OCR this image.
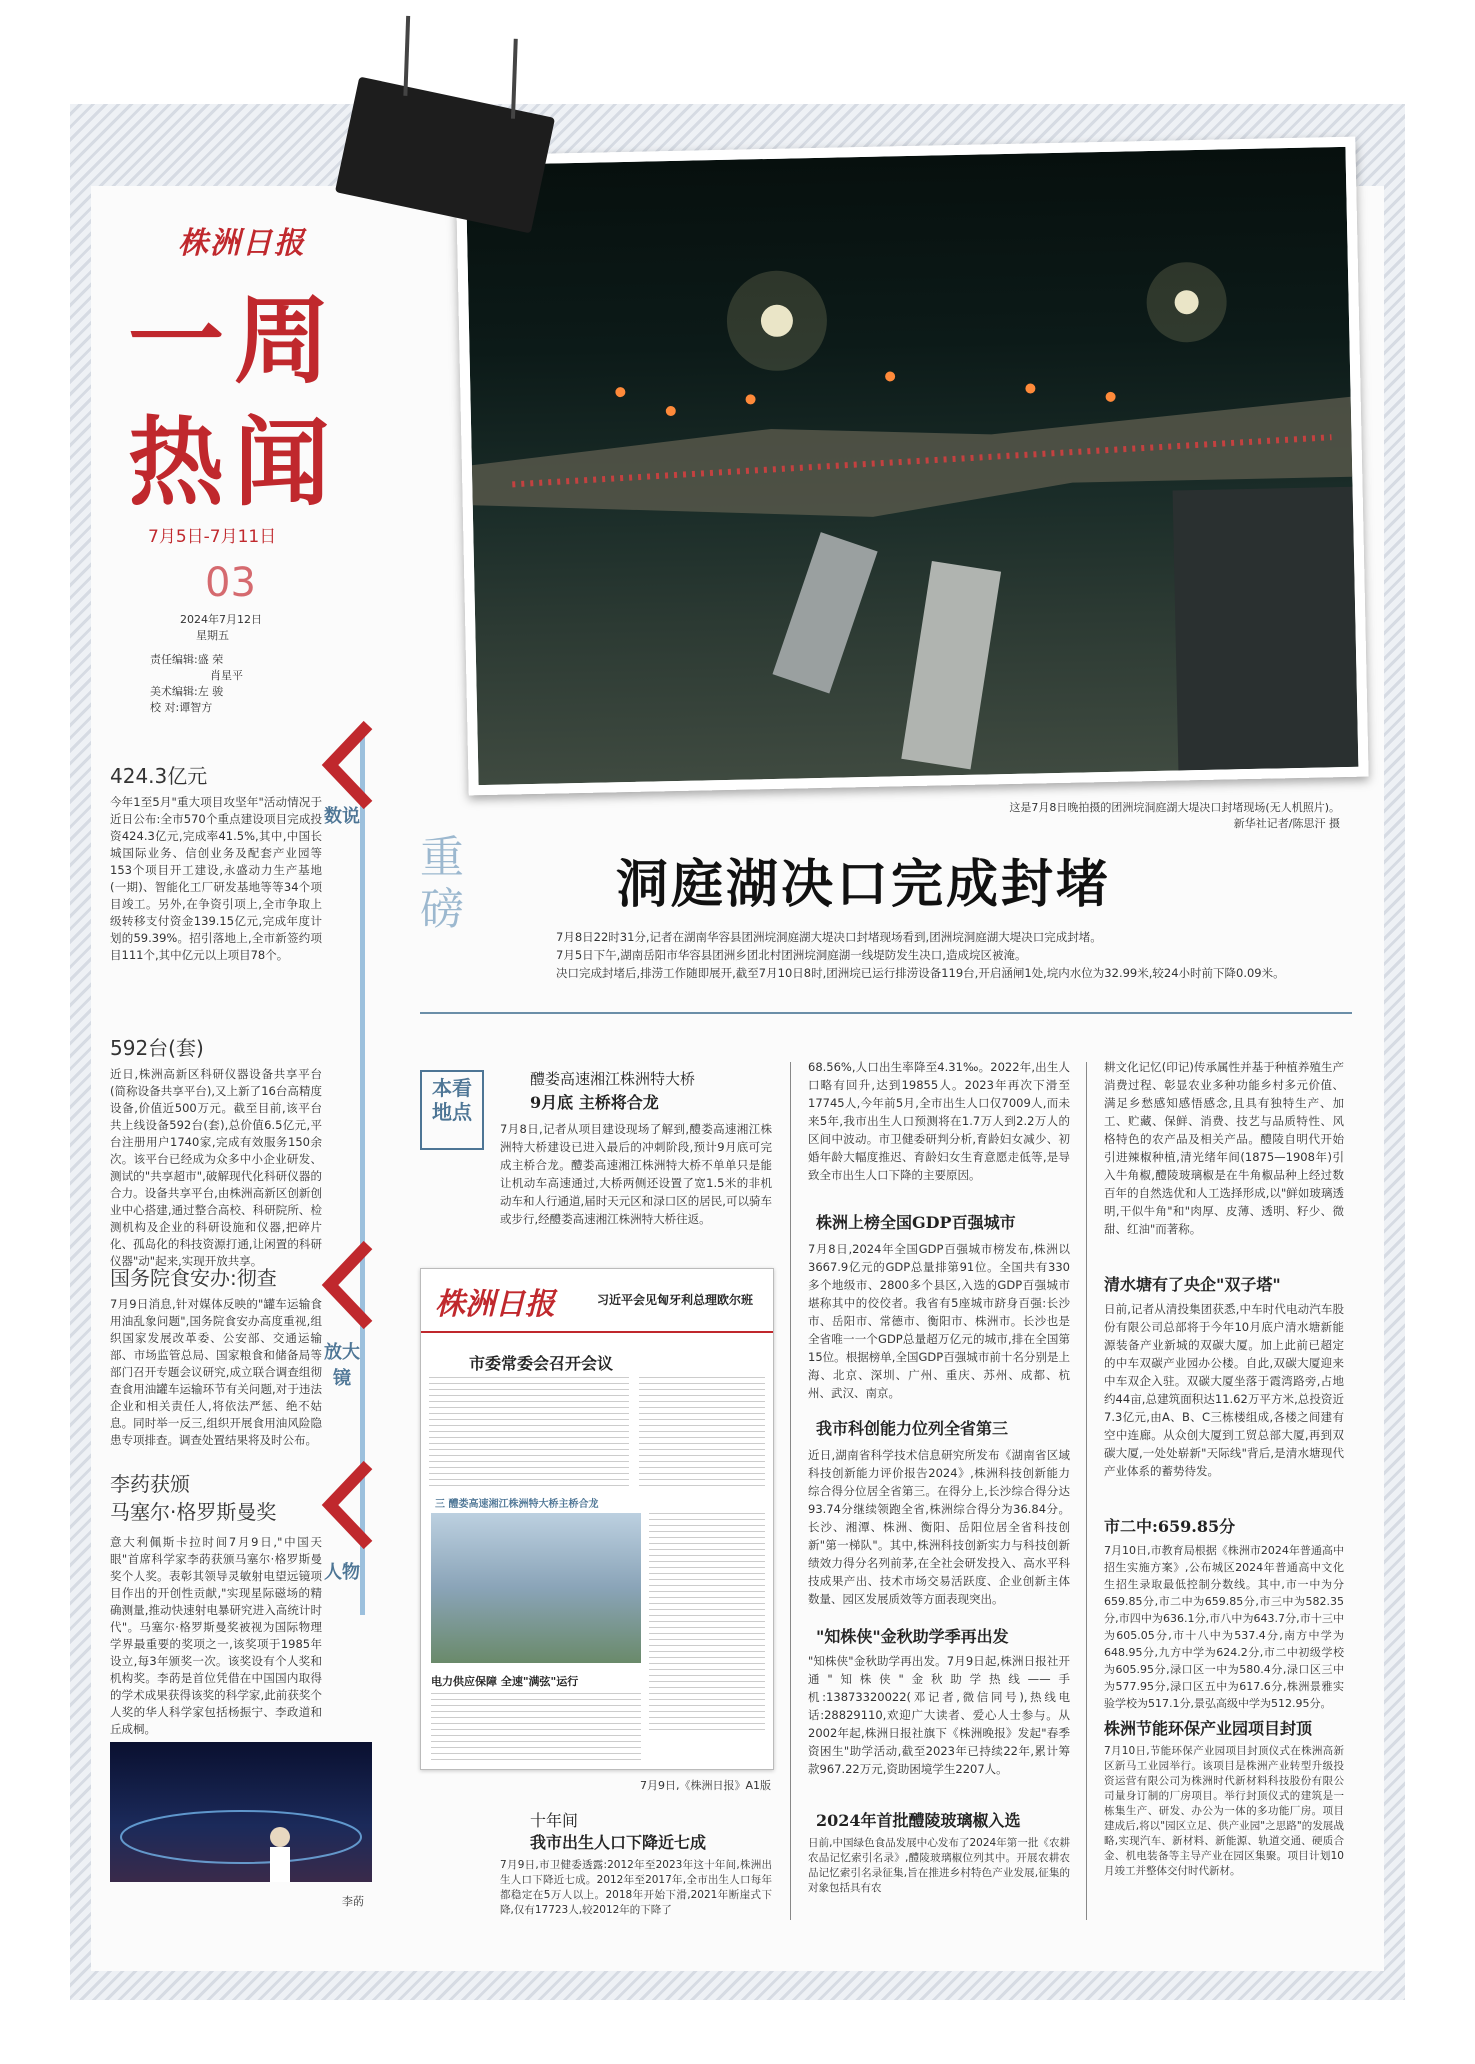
株洲日报
一周
热闻
7月5日-7月11日
03
2024年7月12日
星期五
责任编辑:盛 荣
肖星平
美术编辑:左 骏
校 对:谭智方
这是7月8日晚拍摄的团洲垸洞庭湖大堤决口封堵现场(无人机照片)。
新华社记者/陈思汗 摄
重磅	洞庭湖决口完成封堵
7月8日22时31分,记者在湖南华容县团洲垸洞庭湖大堤决口封堵现场看到,团洲垸洞庭湖大堤决口完成封堵。
7月5日下午,湖南岳阳市华容县团洲乡团北村团洲垸洞庭湖一线堤防发生决口,造成垸区被淹。
决口完成封堵后,排涝工作随即展开,截至7月10日8时,团洲垸已运行排涝设备119台,开启涵闸1处,垸内水位为32.99米,较24小时前下降0.09米。
数说
放大镜
人物
424.3亿元
今年1至5月"重大项目攻坚年"活动情况于近日公布:全市570个重点建设项目完成投资424.3亿元,完成率41.5%,其中,中国长城国际业务、信创业务及配套产业园等153个项目开工建设,永盛动力生产基地(一期)、智能化工厂研发基地等等34个项目竣工。另外,在争资引项上,全市争取上级转移支付资金139.15亿元,完成年度计划的59.39%。招引落地上,全市新签约项目111个,其中亿元以上项目78个。
592台(套)
近日,株洲高新区科研仪器设备共享平台(简称设备共享平台),又上新了16台高精度设备,价值近500万元。截至目前,该平台共上线设备592台(套),总价值6.5亿元,平台注册用户1740家,完成有效服务150余次。该平台已经成为众多中小企业研发、测试的"共享超市",破解现代化科研仪器的合力。设备共享平台,由株洲高新区创新创业中心搭建,通过整合高校、科研院所、检测机构及企业的科研设施和仪器,把碎片化、孤岛化的科技资源打通,让闲置的科研仪器"动"起来,实现开放共享。
国务院食安办:彻查
7月9日消息,针对媒体反映的"罐车运输食用油乱象问题",国务院食安办高度重视,组织国家发展改革委、公安部、交通运输部、市场监管总局、国家粮食和储备局等部门召开专题会议研究,成立联合调查组彻查食用油罐车运输环节有关问题,对于违法企业和相关责任人,将依法严惩、绝不姑息。同时举一反三,组织开展食用油风险隐患专项排查。调查处置结果将及时公布。
李药获颁
马塞尔·格罗斯曼奖
意大利佩斯卡拉时间7月9日,"中国天眼"首席科学家李菂获颁马塞尔·格罗斯曼奖个人奖。表彰其领导灵敏射电望远镜项目作出的开创性贡献,"实现星际磁场的精确测量,推动快速射电暴研究进入高统计时代"。马塞尔·格罗斯曼奖被视为国际物理学界最重要的奖项之一,该奖项于1985年设立,每3年颁奖一次。该奖设有个人奖和机构奖。李菂是首位凭借在中国国内取得的学术成果获得该奖的科学家,此前获奖个人奖的华人科学家包括杨振宁、李政道和丘成桐。
李菂
本看
地点
醴娄高速湘江株洲特大桥
9月底 主桥将合龙
7月8日,记者从项目建设现场了解到,醴娄高速湘江株洲特大桥建设已进入最后的冲刺阶段,预计9月底可完成主桥合龙。醴娄高速湘江株洲特大桥不单单只是能让机动车高速通过,大桥两侧还设置了宽1.5米的非机动车和人行通道,届时天元区和渌口区的居民,可以骑车或步行,经醴娄高速湘江株洲特大桥往返。
株洲日报	习近平会见匈牙利总理欧尔班
市委常委会召开会议
三 醴娄高速湘江株洲特大桥主桥合龙
电力供应保障 全速"满弦"运行
7月9日,《株洲日报》A1版
十年间
我市出生人口下降近七成
7月9日,市卫健委透露:2012年至2023年这十年间,株洲出生人口下降近七成。2012年至2017年,全市出生人口每年都稳定在5万人以上。2018年开始下滑,2021年断崖式下降,仅有17723人,较2012年的下降了
68.56%,人口出生率降至4.31‰。2022年,出生人口略有回升,达到19855人。2023年再次下滑至17745人,今年前5月,全市出生人口仅7009人,而未来5年,我市出生人口预测将在1.7万人到2.2万人的区间中波动。市卫健委研判分析,育龄妇女减少、初婚年龄大幅度推迟、育龄妇女生育意愿走低等,是导致全市出生人口下降的主要原因。
株洲上榜全国GDP百强城市
7月8日,2024年全国GDP百强城市榜发布,株洲以3667.9亿元的GDP总量排第91位。全国共有330多个地级市、2800多个县区,入选的GDP百强城市堪称其中的佼佼者。我省有5座城市跻身百强:长沙市、岳阳市、常德市、衡阳市、株洲市。长沙也是全省唯一一个GDP总量超万亿元的城市,排在全国第15位。根据榜单,全国GDP百强城市前十名分别是上海、北京、深圳、广州、重庆、苏州、成都、杭州、武汉、南京。
我市科创能力位列全省第三
近日,湖南省科学技术信息研究所发布《湖南省区域科技创新能力评价报告2024》,株洲科技创新能力综合得分位居全省第三。在得分上,长沙综合得分达93.74分继续领跑全省,株洲综合得分为36.84分。长沙、湘潭、株洲、衡阳、岳阳位居全省科技创新"第一梯队"。其中,株洲科技创新实力与科技创新绩效力得分名列前茅,在全社会研发投入、高水平科技成果产出、技术市场交易活跃度、企业创新主体数量、园区发展质效等方面表现突出。
"知株侠"金秋助学季再出发
"知株侠"金秋助学再出发。7月9日起,株洲日报社开通"知株侠"金秋助学热线——手机:13873320022(邓记者,微信同号),热线电话:28829110,欢迎广大读者、爱心人士参与。从2002年起,株洲日报社旗下《株洲晚报》发起"春季资困生"助学活动,截至2023年已持续22年,累计筹款967.22万元,资助困境学生2207人。
2024年首批醴陵玻璃椒入选
日前,中国绿色食品发展中心发布了2024年第一批《农耕农品记忆索引名录》,醴陵玻璃椒位列其中。开展农耕农品记忆索引名录征集,旨在推进乡村特色产业发展,征集的对象包括具有农
耕文化记忆(印记)传承属性并基于种植养殖生产消费过程、彰显农业多种功能乡村多元价值、满足乡愁感知感悟感念,且具有独特生产、加工、贮藏、保鲜、消费、技艺与品质特性、风格特色的农产品及相关产品。醴陵自明代开始引进辣椒种植,清光绪年间(1875—1908年)引入牛角椒,醴陵玻璃椒是在牛角椒品种上经过数百年的自然选优和人工选择形成,以"鲜如玻璃透明,干似牛角"和"肉厚、皮薄、透明、籽少、微甜、红油"而著称。
清水塘有了央企"双子塔"
日前,记者从清投集团获悉,中车时代电动汽车股份有限公司总部将于今年10月底户清水塘新能源装备产业新城的双碳大厦。加上此前已超定的中车双碳产业园办公楼。自此,双碳大厦迎来中车双企入驻。双碳大厦坐落于霞湾路旁,占地约44亩,总建筑面积达11.62万平方米,总投资近7.3亿元,由A、B、C三栋楼组成,各楼之间建有空中连廊。从众创大厦到工贸总部大厦,再到双碳大厦,一处处崭新"天际线"背后,是清水塘现代产业体系的蓄势待发。
市二中:659.85分
7月10日,市教育局根据《株洲市2024年普通高中招生实施方案》,公布城区2024年普通高中文化生招生录取最低控制分数线。其中,市一中为分659.85分,市二中为659.85分,市三中为582.35分,市四中为636.1分,市八中为643.7分,市十三中为605.05分,市十八中为537.4分,南方中学为648.95分,九方中学为624.2分,市二中初级学校为605.95分,渌口区一中为580.4分,渌口区三中为577.95分,渌口区五中为617.6分,株洲景雅实验学校为517.1分,景弘高级中学为512.95分。
株洲节能环保产业园项目封顶
7月10日,节能环保产业园项目封顶仪式在株洲高新区新马工业园举行。该项目是株洲产业转型升级投资运营有限公司为株洲时代新材料科技股份有限公司量身订制的厂房项目。举行封顶仪式的建筑是一栋集生产、研发、办公为一体的多功能厂房。项目建成后,将以"园区立足、供产业园"之思路"的发展战略,实现汽车、新材料、新能源、轨道交通、硬质合金、机电装备等主导产业在园区集聚。项目计划10月竣工并整体交付时代新材。
